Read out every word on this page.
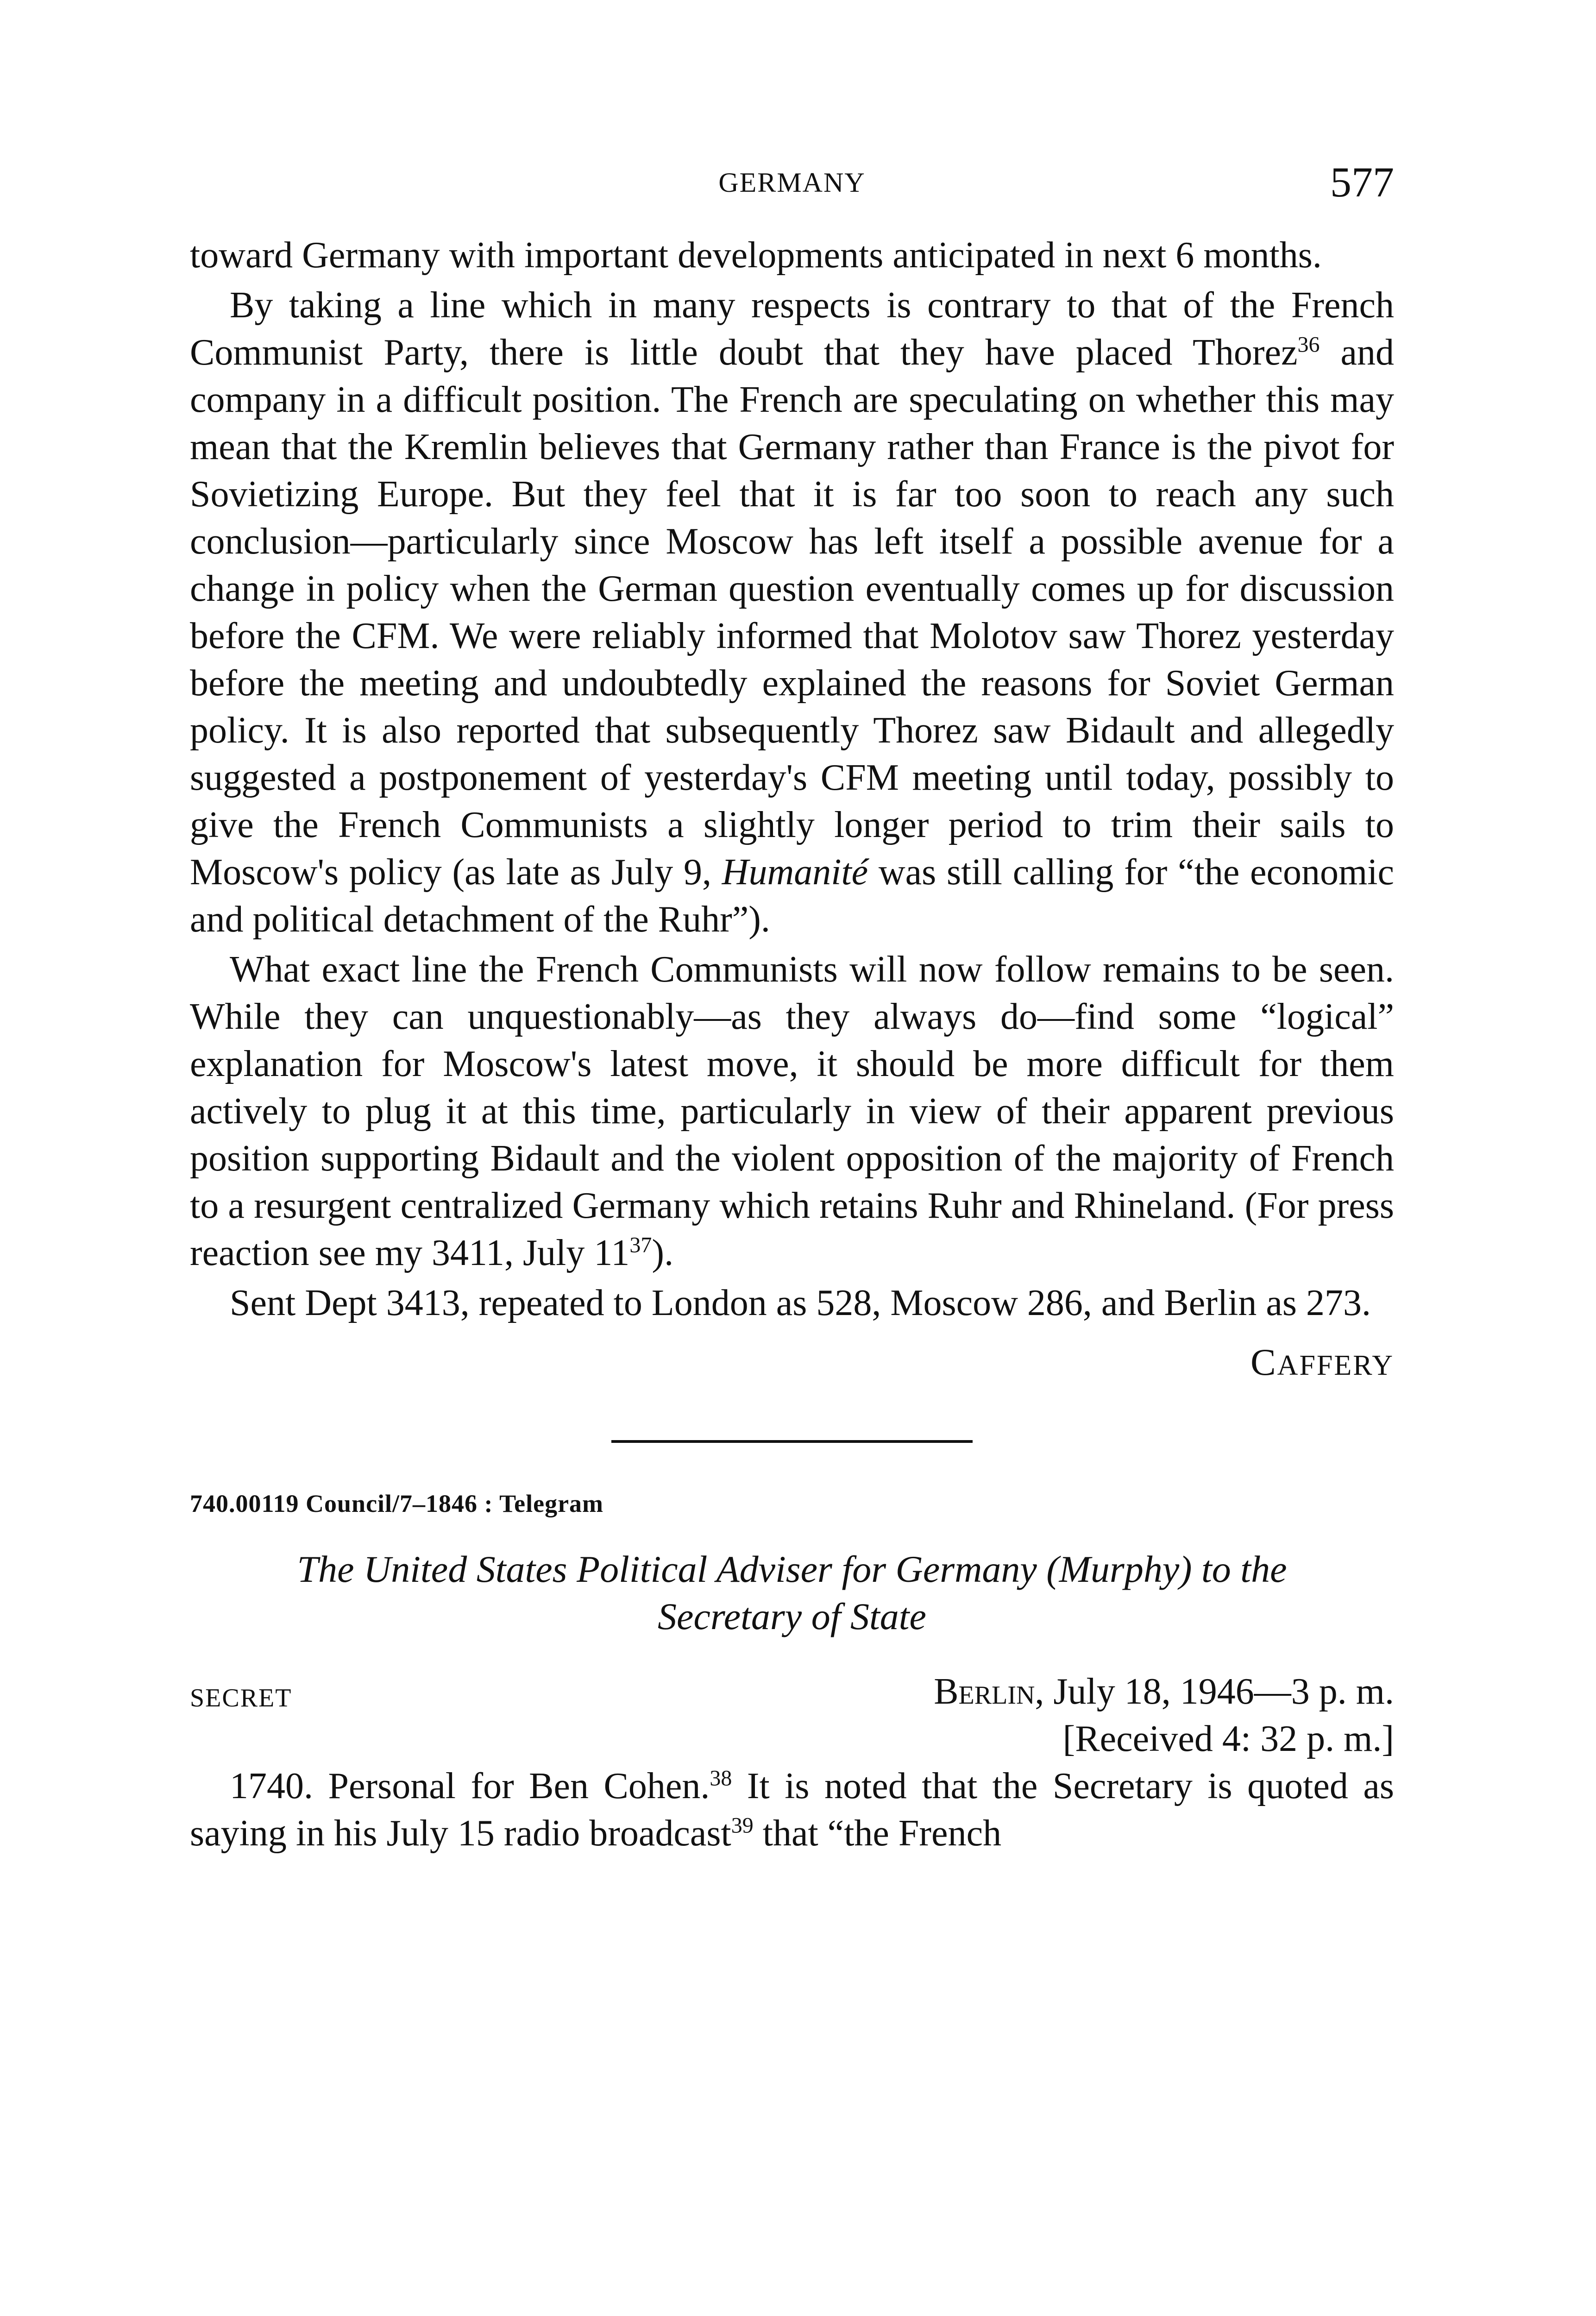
GERMANY	577

toward Germany with important developments anticipated in next 6 months.

By taking a line which in many respects is contrary to that of the French Communist Party, there is little doubt that they have placed Thorez$^{36}$ and company in a difficult position. The French are speculating on whether this may mean that the Kremlin believes that Germany rather than France is the pivot for Sovietizing Europe. But they feel that it is far too soon to reach any such conclusion—particularly since Moscow has left itself a possible avenue for a change in policy when the German question eventually comes up for discussion before the CFM. We were reliably informed that Molotov saw Thorez yesterday before the meeting and undoubtedly explained the reasons for Soviet German policy. It is also reported that subsequently Thorez saw Bidault and allegedly suggested a postponement of yesterday's CFM meeting until today, possibly to give the French Communists a slightly longer period to trim their sails to Moscow's policy (as late as July 9, Humanité was still calling for “the economic and political detachment of the Ruhr”).

What exact line the French Communists will now follow remains to be seen. While they can unquestionably—as they always do—find some “logical” explanation for Moscow's latest move, it should be more difficult for them actively to plug it at this time, particularly in view of their apparent previous position supporting Bidault and the violent opposition of the majority of French to a resurgent centralized Germany which retains Ruhr and Rhineland. (For press reaction see my 3411, July $11^{37}$).

Sent Dept 3413, repeated to London as 528, Moscow 286, and Berlin as 273.

CAFFERY
740.00119 Council/7–1846 : Telegram
The United States Political Adviser for Germany (Murphy) to the
Secretary of State
SECRET	Berlin, July 18, 1946—3 p. m.
[Received 4: 32 p. m.]

1740. Personal for Ben Cohen.$^{38}$ It is noted that the Secretary is quoted as saying in his July 15 radio broadcast$^{39}$ that “the French
